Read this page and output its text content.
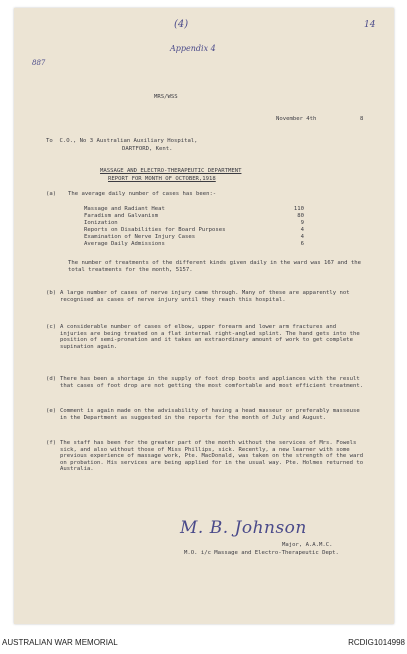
(4)
Appendix 4
14
887
MRS/WSS
November 4th	8
To  C.O., No 3 Australian Auxiliary Hospital,
DARTFORD, Kent.
MASSAGE AND ELECTRO-THERAPEUTIC DEPARTMENT
REPORT FOR MONTH OF OCTOBER,1918
(a) The average daily number of cases has been:-
Massage and Radiant Heat	110
Faradism and Galvanism	80
Ionization	9
Reports on Disabilities for Board Purposes	4
Examination of Nerve Injury Cases	4
Average Daily Admissions	6
The number of treatments of the different kinds given daily in the ward was 167 and the total treatments for the month, 5157.
(b) A large number of cases of nerve injury came through. Many of these are apparently not recognised as cases of nerve injury until they reach this hospital.
(c) A considerable number of cases of elbow, upper forearm and lower arm fractures and injuries are being treated on a flat internal right-angled splint. The hand gets into the position of semi-pronation and it takes an extraordinary amount of work to get complete supination again.
(d) There has been a shortage in the supply of foot drop boots and appliances with the result that cases of foot drop are not getting the most comfortable and most efficient treatment.
(e) Comment is again made on the advisability of having a head masseur or preferably masseuse in the Department as suggested in the reports for the month of July and August.
(f) The staff has been for the greater part of the month without the services of Mrs. Fowels sick, and also without those of Miss Phillips, sick. Recently, a new learner with some previous experience of massage work, Pte. MacDonald, was taken on the strength of the ward on probation. His services are being applied for in the usual way. Pte. Holmes returned to Australia.
M. B. Johnson
Major, A.A.M.C.
M.O. i/c Massage and Electro-Therapeutic Dept.
AUSTRALIAN WAR MEMORIAL	RCDIG1014998
